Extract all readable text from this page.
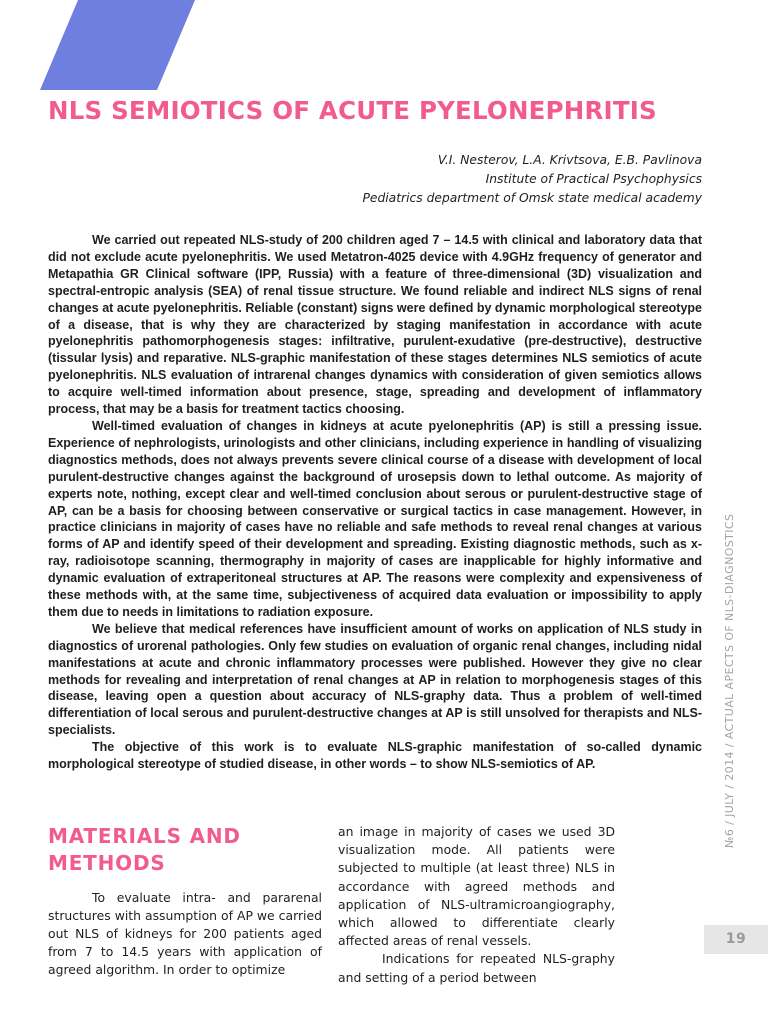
NLS SEMIOTICS OF ACUTE PYELONEPHRITIS
V.I. Nesterov, L.A. Krivtsova, E.B. Pavlinova
Institute of Practical Psychophysics
Pediatrics department of Omsk state medical academy

We carried out repeated NLS-study of 200 children aged 7 – 14.5 with clinical and laboratory data that did not exclude acute pyelonephritis. We used Metatron-4025 device with 4.9GHz frequency of generator and Metapathia GR Clinical software (IPP, Russia) with a feature of three-dimensional (3D) visualization and spectral-entropic analysis (SEA) of renal tissue structure. We found reliable and indirect NLS signs of renal changes at acute pyelonephritis. Reliable (constant) signs were defined by dynamic morphological stereotype of a disease, that is why they are characterized by staging manifestation in accordance with acute pyelonephritis pathomorphogenesis stages: infiltrative, purulent-exudative (pre-destructive), destructive (tissular lysis) and reparative. NLS-graphic manifestation of these stages determines NLS semiotics of acute pyelonephritis. NLS evaluation of intrarenal changes dynamics with consideration of given semiotics allows to acquire well-timed information about presence, stage, spreading and development of inflammatory process, that may be a basis for treatment tactics choosing.

Well-timed evaluation of changes in kidneys at acute pyelonephritis (AP) is still a pressing issue. Experience of nephrologists, urinologists and other clinicians, including experience in handling of visualizing diagnostics methods, does not always prevents severe clinical course of a disease with development of local purulent-destructive changes against the background of urosepsis down to lethal outcome. As majority of experts note, nothing, except clear and well-timed conclusion about serous or purulent-destructive stage of AP, can be a basis for choosing between conservative or surgical tactics in case management. However, in practice clinicians in majority of cases have no reliable and safe methods to reveal renal changes at various forms of AP and identify speed of their development and spreading. Existing diagnostic methods, such as x-ray, radioisotope scanning, thermography in majority of cases are inapplicable for highly informative and dynamic evaluation of extraperitoneal structures at AP. The reasons were complexity and expensiveness of these methods with, at the same time, subjectiveness of acquired data evaluation or impossibility to apply them due to needs in limitations to radiation exposure.

We believe that medical references have insufficient amount of works on application of NLS study in diagnostics of urorenal pathologies. Only few studies on evaluation of organic renal changes, including nidal manifestations at acute and chronic inflammatory processes were published. However they give no clear methods for revealing and interpretation of renal changes at AP in relation to morphogenesis stages of this disease, leaving open a question about accuracy of NLS-graphy data. Thus a problem of well-timed differentiation of local serous and purulent-destructive changes at AP is still unsolved for therapists and NLS-specialists.

The objective of this work is to evaluate NLS-graphic manifestation of so-called dynamic morphological stereotype of studied disease, in other words – to show NLS-semiotics of AP.

MATERIALS AND METHODS

To evaluate intra- and pararenal structures with assumption of AP we carried out NLS of kidneys for 200 patients aged from 7 to 14.5 years with application of agreed algorithm. In order to optimize

an image in majority of cases we used 3D visualization mode. All patients were subjected to multiple (at least three) NLS in accordance with agreed methods and application of NLS-ultramicroangiography, which allowed to differentiate clearly affected areas of renal vessels.

Indications for repeated NLS-graphy and setting of a period between

№6 / JULY / 2014 / ACTUAL APECTS OF NLS-DIAGNOSTICS
19
